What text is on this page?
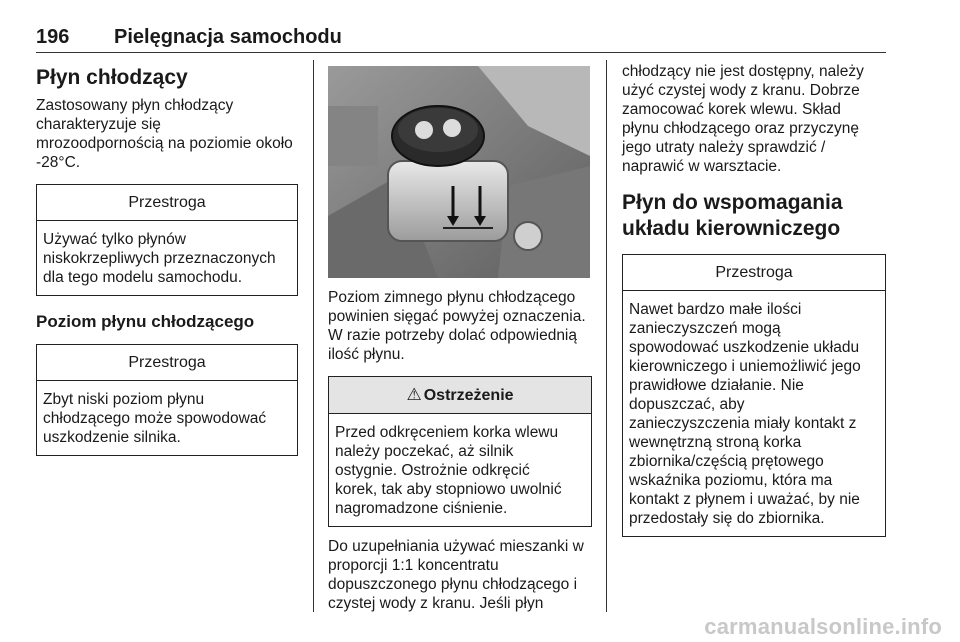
196 Pielęgnacja samochodu
Płyn chłodzący

Zastosowany płyn chłodzący
charakteryzuje się
mrozoodpornością na poziomie około
-28°C.

Przestroga
Używać tylko płynów
niskokrzepliwych przeznaczonych
dla tego modelu samochodu.
Poziom płynu chłodzącego
Przestroga
Zbyt niski poziom płynu
chłodzącego może spowodować
uszkodzenie silnika.

Poziom zimnego płynu chłodzącego
powinien sięgać powyżej oznaczenia.
W razie potrzeby dolać odpowiednią
ilość płynu.

⚠ Ostrzeżenie
Przed odkręceniem korka wlewu
należy poczekać, aż silnik
ostygnie. Ostrożnie odkręcić
korek, tak aby stopniowo uwolnić
nagromadzone ciśnienie.

Do uzupełniania używać mieszanki w
proporcji 1:1 koncentratu
dopuszczonego płynu chłodzącego i
czystej wody z kranu. Jeśli płyn

chłodzący nie jest dostępny, należy
użyć czystej wody z kranu. Dobrze
zamocować korek wlewu. Skład
płynu chłodzącego oraz przyczynę
jego utraty należy sprawdzić /
naprawić w warsztacie.

Płyn do wspomagania
układu kierowniczego
Przestroga
Nawet bardzo małe ilości
zanieczyszczeń mogą
spowodować uszkodzenie układu
kierowniczego i uniemożliwić jego
prawidłowe działanie. Nie
dopuszczać, aby
zanieczyszczenia miały kontakt z
wewnętrzną stroną korka
zbiornika/częścią prętowego
wskaźnika poziomu, która ma
kontakt z płynem i uważać, by nie
przedostały się do zbiornika.
carmanualsonline.info
